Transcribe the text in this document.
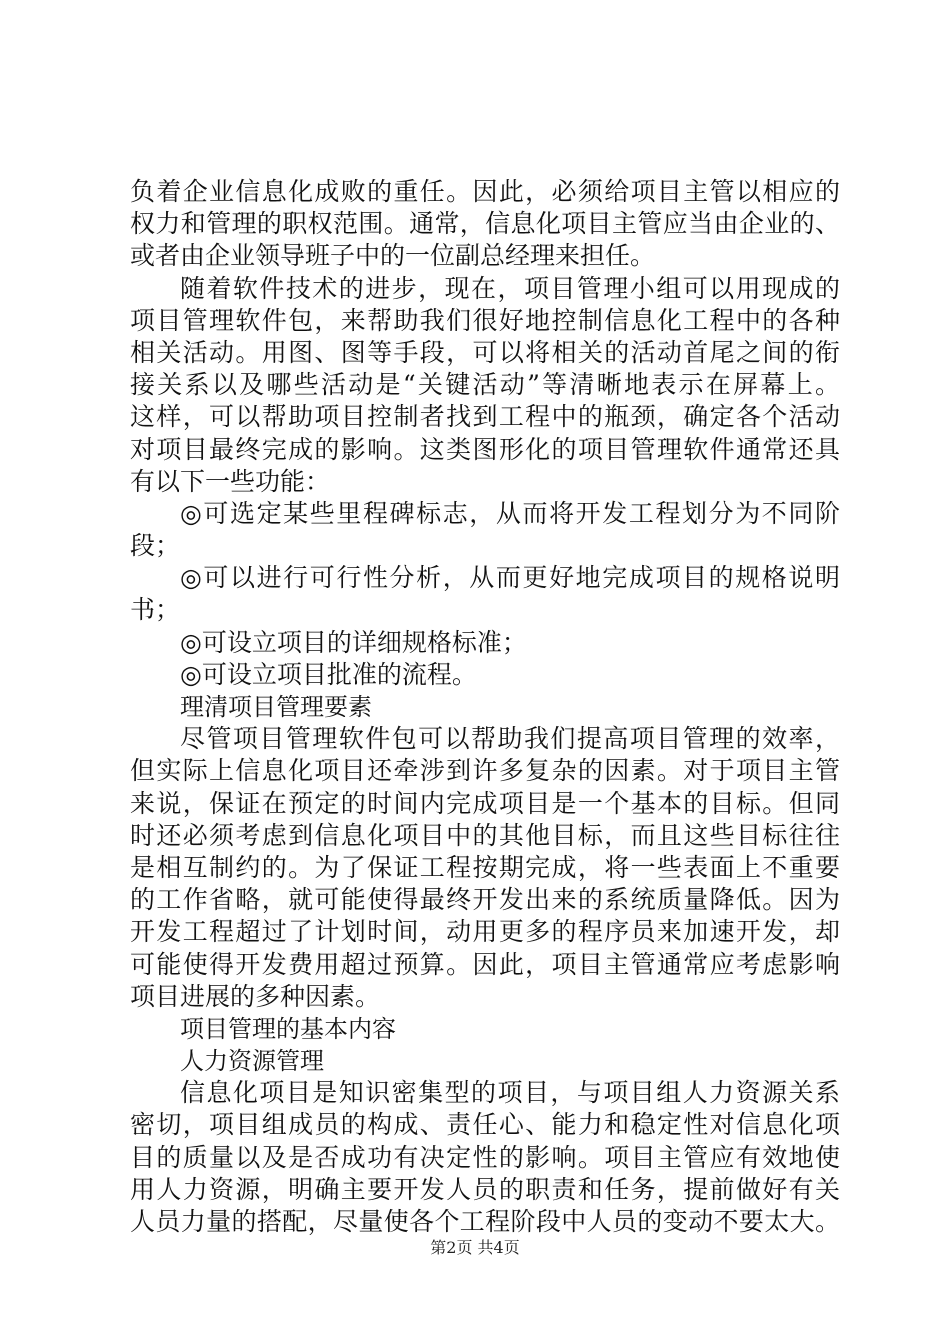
负着企业信息化成败的重任。因此，必须给项目主管以相应的
权力和管理的职权范围。通常，信息化项目主管应当由企业的、
或者由企业领导班子中的一位副总经理来担任。
随着软件技术的进步，现在，项目管理小组可以用现成的
项目管理软件包，来帮助我们很好地控制信息化工程中的各种
相关活动。用图、图等手段，可以将相关的活动首尾之间的衔
接关系以及哪些活动是“关键活动”等清晰地表示在屏幕上。
这样，可以帮助项目控制者找到工程中的瓶颈，确定各个活动
对项目最终完成的影响。这类图形化的项目管理软件通常还具
有以下一些功能：
◎可选定某些里程碑标志，从而将开发工程划分为不同阶
段；
◎可以进行可行性分析，从而更好地完成项目的规格说明
书；
◎可设立项目的详细规格标准；
◎可设立项目批准的流程。
理清项目管理要素
尽管项目管理软件包可以帮助我们提高项目管理的效率，
但实际上信息化项目还牵涉到许多复杂的因素。对于项目主管
来说，保证在预定的时间内完成项目是一个基本的目标。但同
时还必须考虑到信息化项目中的其他目标，而且这些目标往往
是相互制约的。为了保证工程按期完成，将一些表面上不重要
的工作省略，就可能使得最终开发出来的系统质量降低。因为
开发工程超过了计划时间，动用更多的程序员来加速开发，却
可能使得开发费用超过预算。因此，项目主管通常应考虑影响
项目进展的多种因素。
项目管理的基本内容
人力资源管理
信息化项目是知识密集型的项目，与项目组人力资源关系
密切，项目组成员的构成、责任心、能力和稳定性对信息化项
目的质量以及是否成功有决定性的影响。项目主管应有效地使
用人力资源，明确主要开发人员的职责和任务，提前做好有关
人员力量的搭配，尽量使各个工程阶段中人员的变动不要太大。
第2页 共4页
